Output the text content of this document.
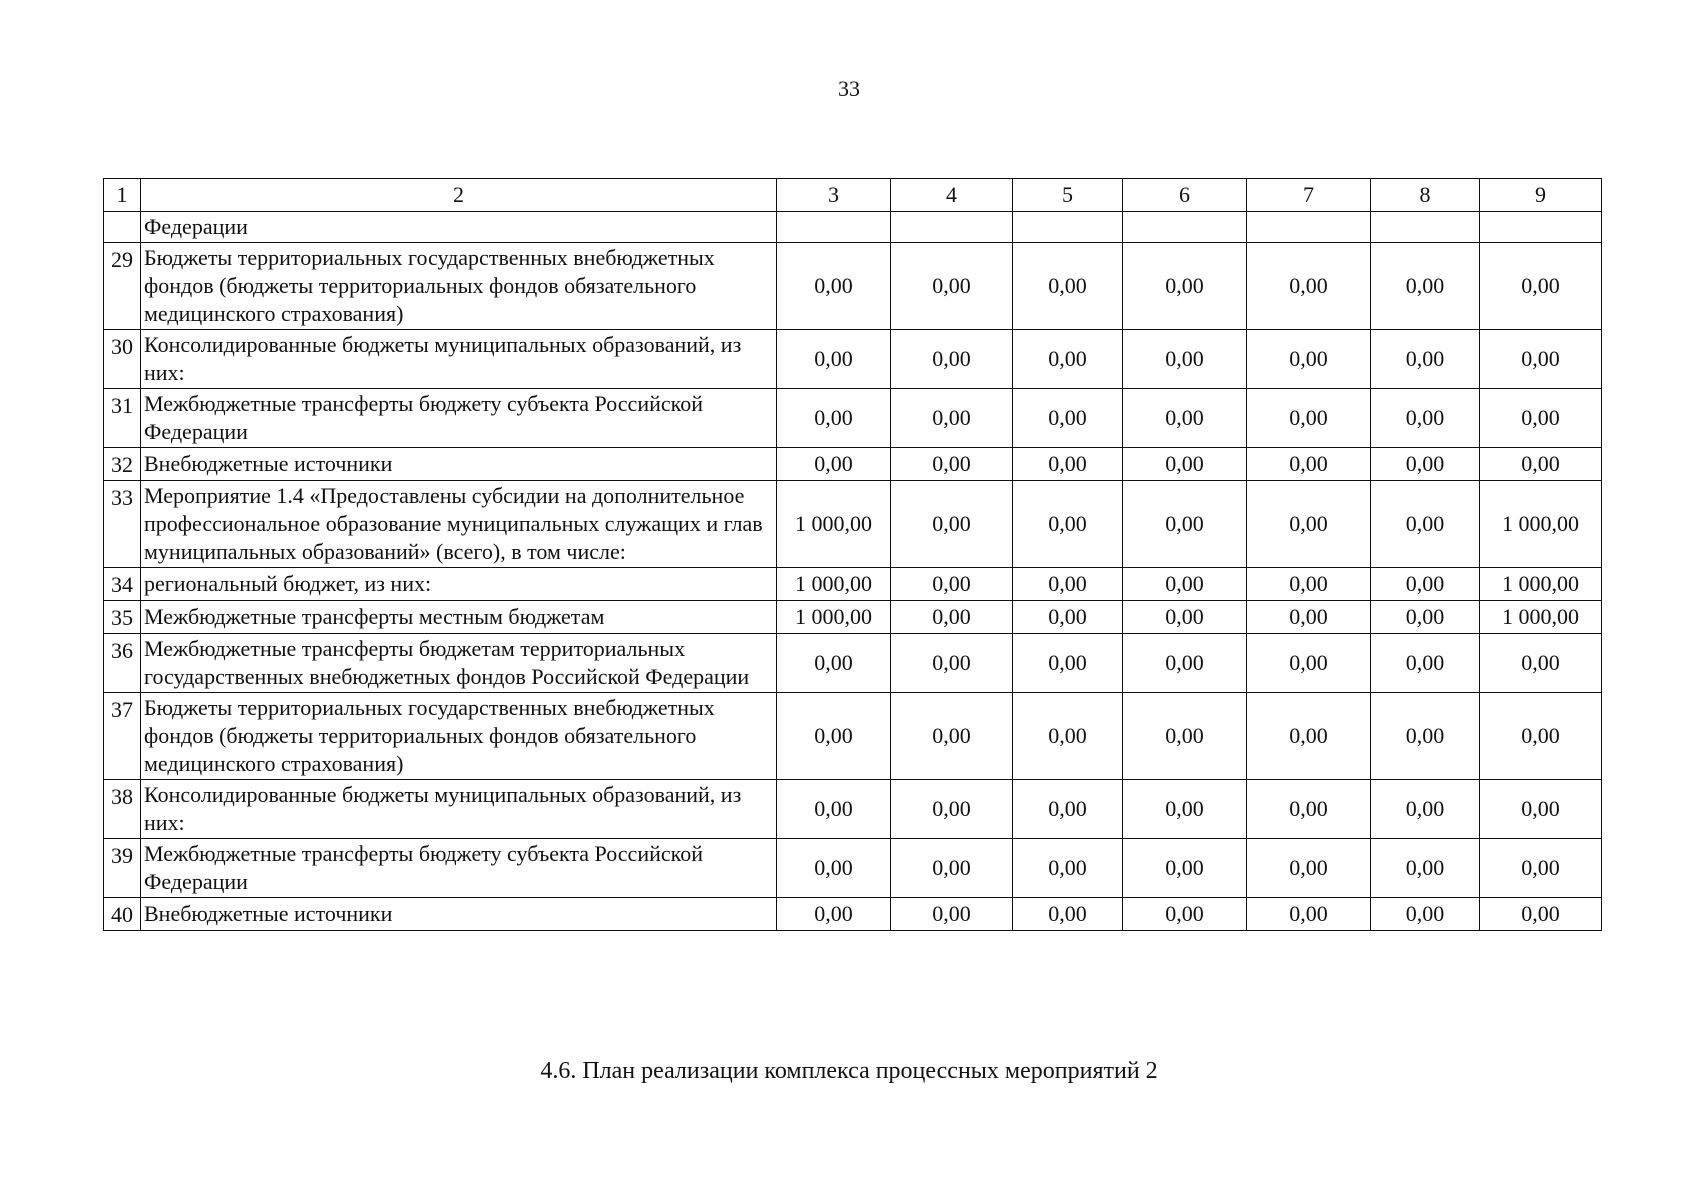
33
1	2	3	4	5	6	7	8	9
	Федерации							
29	Бюджеты территориальных государственных внебюджетных фондов (бюджеты территориальных фондов обязательного медицинского страхования)	0,00	0,00	0,00	0,00	0,00	0,00	0,00
30	Консолидированные бюджеты муниципальных образований, из них:	0,00	0,00	0,00	0,00	0,00	0,00	0,00
31	Межбюджетные трансферты бюджету субъекта Российской Федерации	0,00	0,00	0,00	0,00	0,00	0,00	0,00
32	Внебюджетные источники	0,00	0,00	0,00	0,00	0,00	0,00	0,00
33	Мероприятие 1.4 «Предоставлены субсидии на дополнительное профессиональное образование муниципальных служащих и глав муниципальных образований» (всего), в том числе:	1 000,00	0,00	0,00	0,00	0,00	0,00	1 000,00
34	региональный бюджет, из них:	1 000,00	0,00	0,00	0,00	0,00	0,00	1 000,00
35	Межбюджетные трансферты местным бюджетам	1 000,00	0,00	0,00	0,00	0,00	0,00	1 000,00
36	Межбюджетные трансферты бюджетам территориальных государственных внебюджетных фондов Российской Федерации	0,00	0,00	0,00	0,00	0,00	0,00	0,00
37	Бюджеты территориальных государственных внебюджетных фондов (бюджеты территориальных фондов обязательного медицинского страхования)	0,00	0,00	0,00	0,00	0,00	0,00	0,00
38	Консолидированные бюджеты муниципальных образований, из них:	0,00	0,00	0,00	0,00	0,00	0,00	0,00
39	Межбюджетные трансферты бюджету субъекта Российской Федерации	0,00	0,00	0,00	0,00	0,00	0,00	0,00
40	Внебюджетные источники	0,00	0,00	0,00	0,00	0,00	0,00	0,00
4.6. План реализации комплекса процессных мероприятий 2
